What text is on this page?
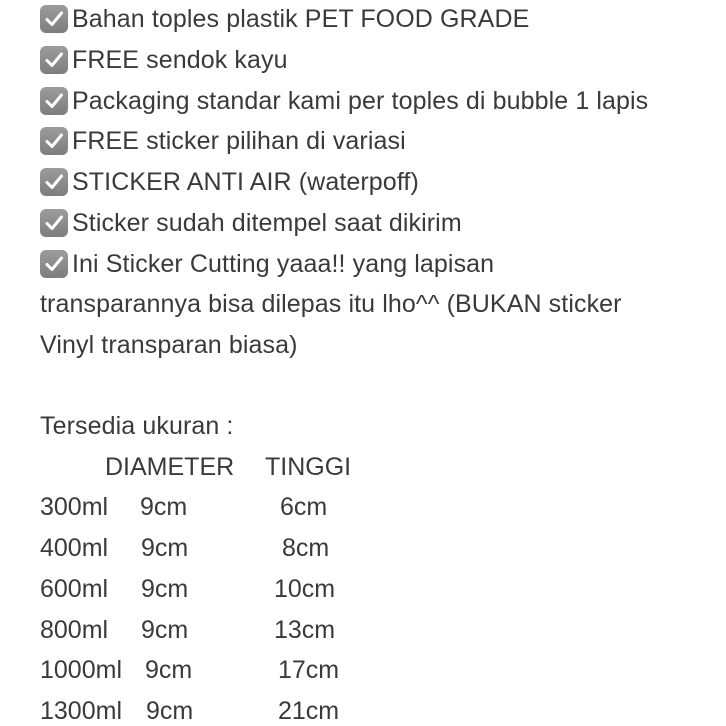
Bahan toples plastik PET FOOD GRADE
FREE sendok kayu
Packaging standar kami per toples di bubble 1 lapis
FREE sticker pilihan di variasi
STICKER ANTI AIR (waterpoff)
Sticker sudah ditempel saat dikirim
Ini Sticker Cutting yaaa!! yang lapisan
transparannya bisa dilepas itu lho^^ (BUKAN sticker
Vinyl transparan biasa)
Tersedia ukuran :
DIAMETER TINGGI
300ml 9cm	6cm
400ml 9cm	8cm
600ml 9cm	10cm
800ml 9cm	13cm
1000ml 9cm	17cm
1300ml 9cm	21cm
